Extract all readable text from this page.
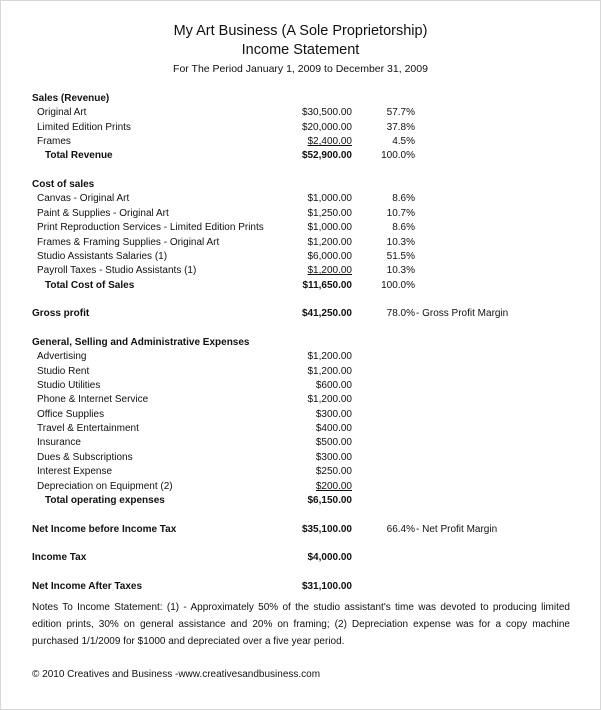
My Art Business (A Sole Proprietorship)
Income Statement
For The Period January 1, 2009 to December 31, 2009
Sales (Revenue)
Original Art	$30,500.00	57.7%
Limited Edition Prints	$20,000.00	37.8%
Frames	$2,400.00	4.5%
Total Revenue	$52,900.00	100.0%
Cost of sales
Canvas - Original Art	$1,000.00	8.6%
Paint & Supplies - Original Art	$1,250.00	10.7%
Print Reproduction Services - Limited Edition Prints	$1,000.00	8.6%
Frames & Framing Supplies - Original Art	$1,200.00	10.3%
Studio Assistants Salaries (1)	$6,000.00	51.5%
Payroll Taxes - Studio Assistants (1)	$1,200.00	10.3%
Total Cost of Sales	$11,650.00	100.0%
Gross profit	$41,250.00	78.0% - Gross Profit Margin
General, Selling and Administrative Expenses
Advertising	$1,200.00
Studio Rent	$1,200.00
Studio Utilities	$600.00
Phone & Internet Service	$1,200.00
Office Supplies	$300.00
Travel & Entertainment	$400.00
Insurance	$500.00
Dues & Subscriptions	$300.00
Interest Expense	$250.00
Depreciation on Equipment (2)	$200.00
Total operating expenses	$6,150.00
Net Income before Income Tax	$35,100.00	66.4% - Net Profit Margin
Income Tax	$4,000.00
Net Income After Taxes	$31,100.00
Notes To Income Statement: (1) - Approximately 50% of the studio assistant's time was devoted to producing limited edition prints, 30% on general assistance and 20% on framing; (2) Depreciation expense was for a copy machine purchased 1/1/2009 for $1000 and depreciated over a five year period.
© 2010 Creatives and Business -www.creativesandbusiness.com
